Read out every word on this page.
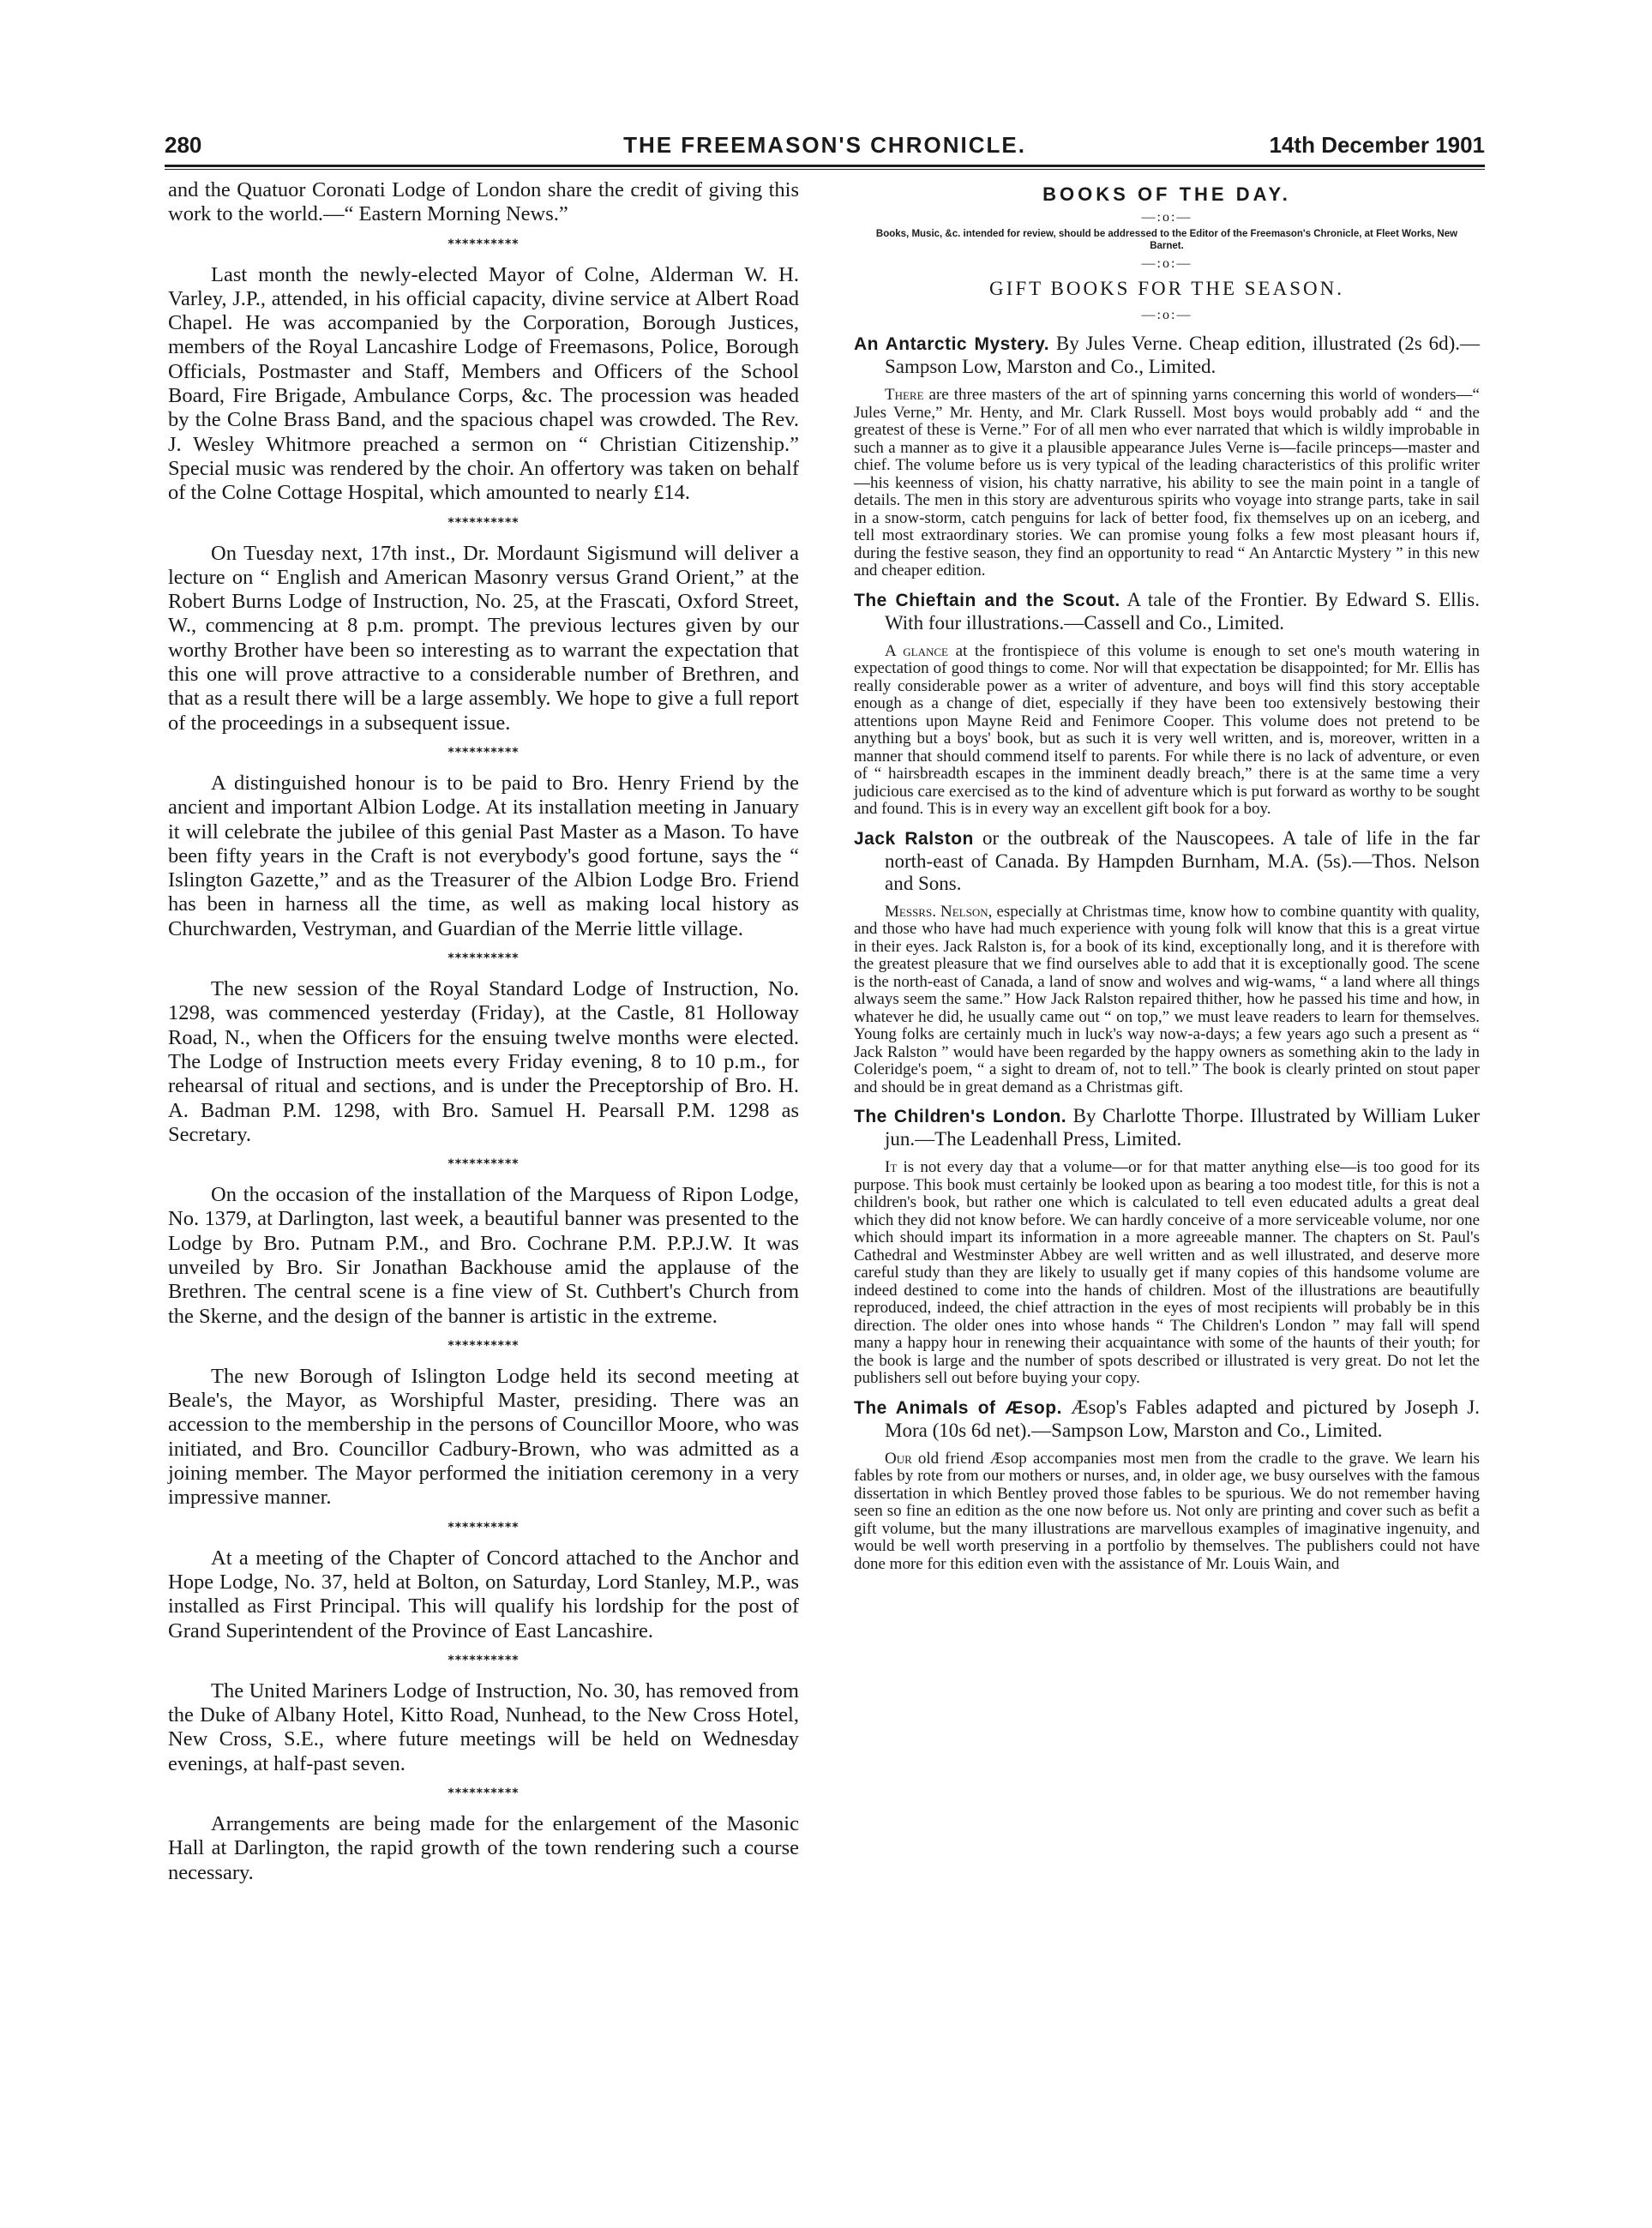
280	THE FREEMASON'S CHRONICLE.	14th December 1901

and the Quatuor Coronati Lodge of London share the credit of giving this work to the world.—“ Eastern Morning News.”

**********

Last month the newly-elected Mayor of Colne, Alderman W. H. Varley, J.P., attended, in his official capacity, divine service at Albert Road Chapel. He was accompanied by the Corporation, Borough Justices, members of the Royal Lancashire Lodge of Freemasons, Police, Borough Officials, Postmaster and Staff, Members and Officers of the School Board, Fire Brigade, Ambulance Corps, &c. The procession was headed by the Colne Brass Band, and the spacious chapel was crowded. The Rev. J. Wesley Whitmore preached a sermon on “ Christian Citizenship.” Special music was rendered by the choir. An offertory was taken on behalf of the Colne Cottage Hospital, which amounted to nearly £14.

**********

On Tuesday next, 17th inst., Dr. Mordaunt Sigismund will deliver a lecture on “ English and American Masonry versus Grand Orient,” at the Robert Burns Lodge of Instruction, No. 25, at the Frascati, Oxford Street, W., commencing at 8 p.m. prompt. The previous lectures given by our worthy Brother have been so interesting as to warrant the expectation that this one will prove attractive to a considerable number of Brethren, and that as a result there will be a large assembly. We hope to give a full report of the proceedings in a subsequent issue.

**********

A distinguished honour is to be paid to Bro. Henry Friend by the ancient and important Albion Lodge. At its installation meeting in January it will celebrate the jubilee of this genial Past Master as a Mason. To have been fifty years in the Craft is not everybody's good fortune, says the “ Islington Gazette,” and as the Treasurer of the Albion Lodge Bro. Friend has been in harness all the time, as well as making local history as Churchwarden, Vestryman, and Guardian of the Merrie little village.

**********

The new session of the Royal Standard Lodge of Instruction, No. 1298, was commenced yesterday (Friday), at the Castle, 81 Holloway Road, N., when the Officers for the ensuing twelve months were elected. The Lodge of Instruction meets every Friday evening, 8 to 10 p.m., for rehearsal of ritual and sections, and is under the Preceptorship of Bro. H. A. Badman P.M. 1298, with Bro. Samuel H. Pearsall P.M. 1298 as Secretary.

**********

On the occasion of the installation of the Marquess of Ripon Lodge, No. 1379, at Darlington, last week, a beautiful banner was presented to the Lodge by Bro. Putnam P.M., and Bro. Cochrane P.M. P.P.J.W. It was unveiled by Bro. Sir Jonathan Backhouse amid the applause of the Brethren. The central scene is a fine view of St. Cuthbert's Church from the Skerne, and the design of the banner is artistic in the extreme.

**********

The new Borough of Islington Lodge held its second meeting at Beale's, the Mayor, as Worshipful Master, presiding. There was an accession to the membership in the persons of Councillor Moore, who was initiated, and Bro. Councillor Cadbury-Brown, who was admitted as a joining member. The Mayor performed the initiation ceremony in a very impressive manner.

**********

At a meeting of the Chapter of Concord attached to the Anchor and Hope Lodge, No. 37, held at Bolton, on Saturday, Lord Stanley, M.P., was installed as First Principal. This will qualify his lordship for the post of Grand Superintendent of the Province of East Lancashire.

**********

The United Mariners Lodge of Instruction, No. 30, has removed from the Duke of Albany Hotel, Kitto Road, Nunhead, to the New Cross Hotel, New Cross, S.E., where future meetings will be held on Wednesday evenings, at half-past seven.

**********

Arrangements are being made for the enlargement of the Masonic Hall at Darlington, the rapid growth of the town rendering such a course necessary.

BOOKS OF THE DAY.
—:o:—
Books, Music, &c. intended for review, should be addressed to the Editor of the Freemason's Chronicle, at Fleet Works, New Barnet.
—:o:—
GIFT BOOKS FOR THE SEASON.
—:o:—

An Antarctic Mystery. By Jules Verne. Cheap edition, illustrated (2s 6d).—Sampson Low, Marston and Co., Limited.

There are three masters of the art of spinning yarns concerning this world of wonders—“ Jules Verne,” Mr. Henty, and Mr. Clark Russell. Most boys would probably add “ and the greatest of these is Verne.” For of all men who ever narrated that which is wildly improbable in such a manner as to give it a plausible appearance Jules Verne is—facile princeps—master and chief. The volume before us is very typical of the leading characteristics of this prolific writer—his keenness of vision, his chatty narrative, his ability to see the main point in a tangle of details. The men in this story are adventurous spirits who voyage into strange parts, take in sail in a snow-storm, catch penguins for lack of better food, fix themselves up on an iceberg, and tell most extraordinary stories. We can promise young folks a few most pleasant hours if, during the festive season, they find an opportunity to read “ An Antarctic Mystery ” in this new and cheaper edition.

The Chieftain and the Scout. A tale of the Frontier. By Edward S. Ellis. With four illustrations.—Cassell and Co., Limited.

A glance at the frontispiece of this volume is enough to set one's mouth watering in expectation of good things to come. Nor will that expectation be disappointed; for Mr. Ellis has really considerable power as a writer of adventure, and boys will find this story acceptable enough as a change of diet, especially if they have been too extensively bestowing their attentions upon Mayne Reid and Fenimore Cooper. This volume does not pretend to be anything but a boys' book, but as such it is very well written, and is, moreover, written in a manner that should commend itself to parents. For while there is no lack of adventure, or even of “ hairsbreadth escapes in the imminent deadly breach,” there is at the same time a very judicious care exercised as to the kind of adventure which is put forward as worthy to be sought and found. This is in every way an excellent gift book for a boy.

Jack Ralston or the outbreak of the Nauscopees. A tale of life in the far north-east of Canada. By Hampden Burnham, M.A. (5s).—Thos. Nelson and Sons.

Messrs. Nelson, especially at Christmas time, know how to combine quantity with quality, and those who have had much experience with young folk will know that this is a great virtue in their eyes. Jack Ralston is, for a book of its kind, exceptionally long, and it is therefore with the greatest pleasure that we find ourselves able to add that it is exceptionally good. The scene is the north-east of Canada, a land of snow and wolves and wig-wams, “ a land where all things always seem the same.” How Jack Ralston repaired thither, how he passed his time and how, in whatever he did, he usually came out “ on top,” we must leave readers to learn for themselves. Young folks are certainly much in luck's way now-a-days; a few years ago such a present as “ Jack Ralston ” would have been regarded by the happy owners as something akin to the lady in Coleridge's poem, “ a sight to dream of, not to tell.” The book is clearly printed on stout paper and should be in great demand as a Christmas gift.

The Children's London. By Charlotte Thorpe. Illustrated by William Luker jun.—The Leadenhall Press, Limited.

It is not every day that a volume—or for that matter anything else—is too good for its purpose. This book must certainly be looked upon as bearing a too modest title, for this is not a children's book, but rather one which is calculated to tell even educated adults a great deal which they did not know before. We can hardly conceive of a more serviceable volume, nor one which should impart its information in a more agreeable manner. The chapters on St. Paul's Cathedral and Westminster Abbey are well written and as well illustrated, and deserve more careful study than they are likely to usually get if many copies of this handsome volume are indeed destined to come into the hands of children. Most of the illustrations are beautifully reproduced, indeed, the chief attraction in the eyes of most recipients will probably be in this direction. The older ones into whose hands “ The Children's London ” may fall will spend many a happy hour in renewing their acquaintance with some of the haunts of their youth; for the book is large and the number of spots described or illustrated is very great. Do not let the publishers sell out before buying your copy.

The Animals of Æsop. Æsop's Fables adapted and pictured by Joseph J. Mora (10s 6d net).—Sampson Low, Marston and Co., Limited.

Our old friend Æsop accompanies most men from the cradle to the grave. We learn his fables by rote from our mothers or nurses, and, in older age, we busy ourselves with the famous dissertation in which Bentley proved those fables to be spurious. We do not remember having seen so fine an edition as the one now before us. Not only are printing and cover such as befit a gift volume, but the many illustrations are marvellous examples of imaginative ingenuity, and would be well worth preserving in a portfolio by themselves. The publishers could not have done more for this edition even with the assistance of Mr. Louis Wain, and
